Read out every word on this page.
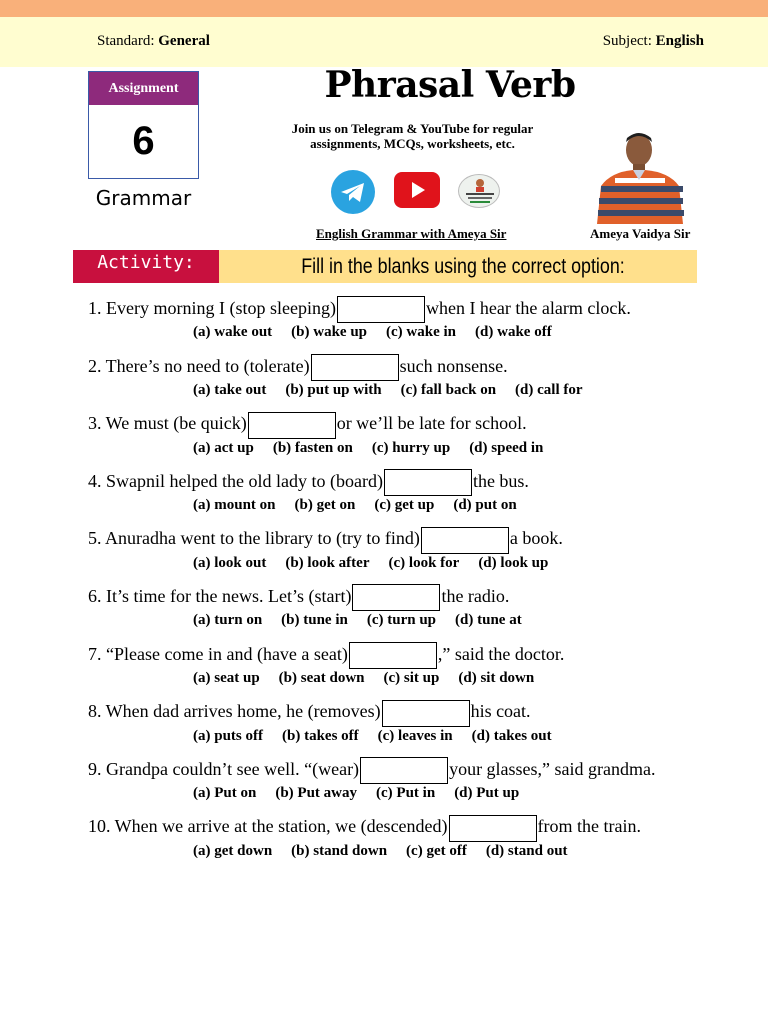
Standard: General	Subject: English
Assignment
6
Grammar
Phrasal Verb
Join us on Telegram & YouTube for regular assignments, MCQs, worksheets, etc.
English Grammar with Ameya Sir	Ameya Vaidya Sir
Activity:	Fill in the blanks using the correct option:
1. Every morning I (stop sleeping)	when I hear the alarm clock.
(a) wake out (b) wake up (c) wake in (d) wake off
2. There’s no need to (tolerate)	such nonsense.
(a) take out (b) put up with (c) fall back on (d) call for
3. We must (be quick)	or we’ll be late for school.
(a) act up (b) fasten on (c) hurry up (d) speed in
4. Swapnil helped the old lady to (board)	the bus.
(a) mount on (b) get on (c) get up (d) put on
5. Anuradha went to the library to (try to find)	a book.
(a) look out (b) look after (c) look for (d) look up
6. It’s time for the news. Let’s (start)	the radio.
(a) turn on (b) tune in (c) turn up (d) tune at
7. “Please come in and (have a seat)	,” said the doctor.
(a) seat up (b) seat down (c) sit up (d) sit down
8. When dad arrives home, he (removes)	his coat.
(a) puts off (b) takes off (c) leaves in (d) takes out
9. Grandpa couldn’t see well. “(wear)	your glasses,” said grandma.
(a) Put on (b) Put away (c) Put in (d) Put up
10. When we arrive at the station, we (descended)	from the train.
(a) get down (b) stand down (c) get off (d) stand out
